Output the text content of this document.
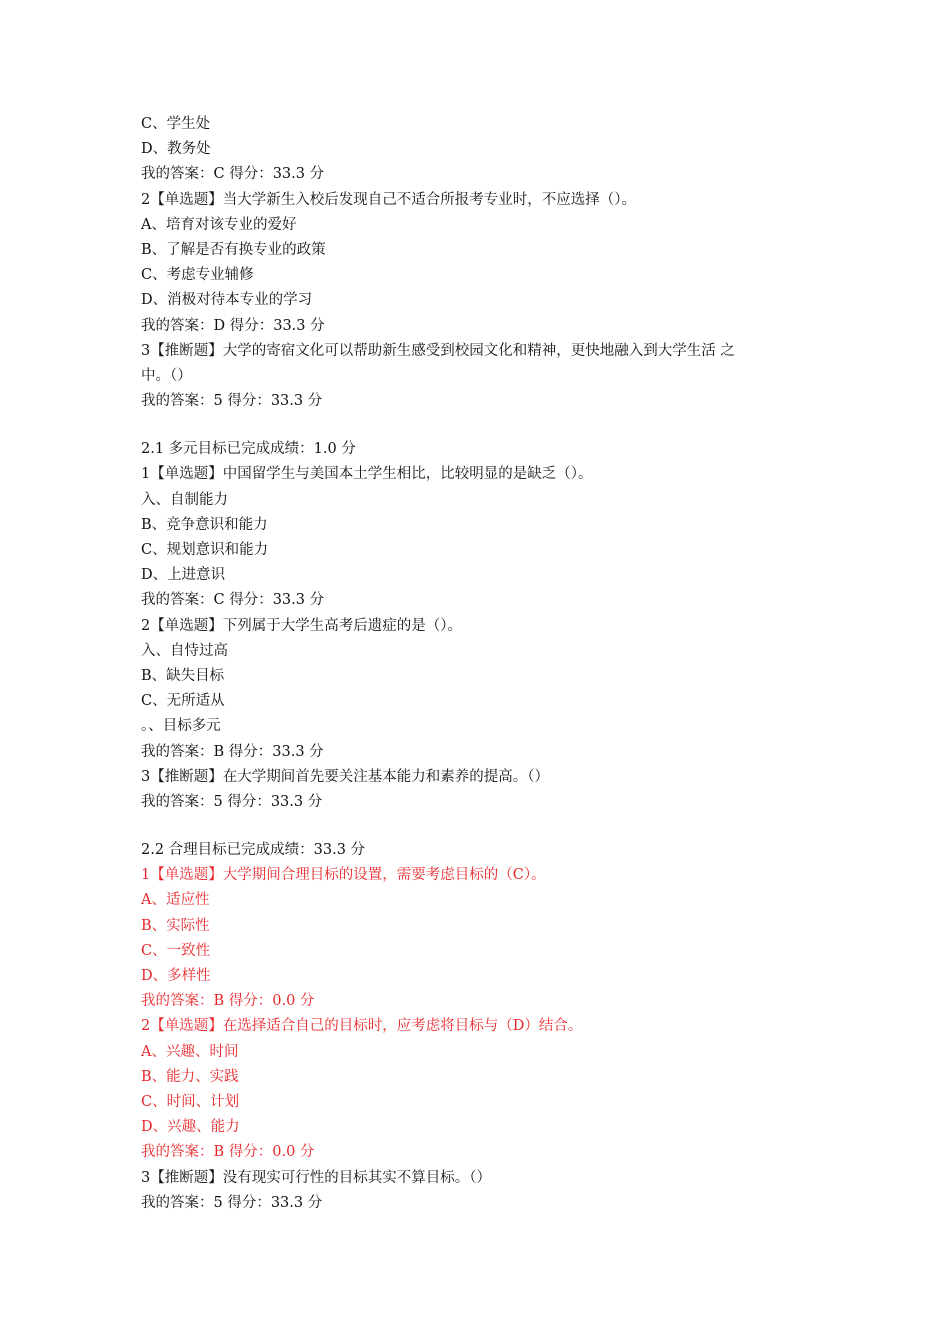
C、学生处
D、教务处
我的答案：C 得分：33.3 分
2【单选题】当大学新生入校后发现自己不适合所报考专业时，不应选择（）。
A、培育对该专业的爱好
B、了解是否有换专业的政策
C、考虑专业辅修
D、消极对待本专业的学习
我的答案：D 得分：33.3 分
3【推断题】大学的寄宿文化可以帮助新生感受到校园文化和精神，更快地融入到大学生活 之
中。（）
我的答案：5 得分：33.3 分
2.1 多元目标已完成成绩：1.0 分
1【单选题】中国留学生与美国本土学生相比，比较明显的是缺乏（）。
入、自制能力
B、竞争意识和能力
C、规划意识和能力
D、上进意识
我的答案：C 得分：33.3 分
2【单选题】下列属于大学生高考后遗症的是（）。
入、自恃过高
B、缺失目标
C、无所适从
。、目标多元
我的答案：B 得分：33.3 分
3【推断题】在大学期间首先要关注基本能力和素养的提高。（）
我的答案：5 得分：33.3 分
2.2 合理目标已完成成绩：33.3 分
1【单选题】大学期间合理目标的设置，需要考虑目标的（C）。
A、适应性
B、实际性
C、一致性
D、多样性
我的答案：B 得分：0.0 分
2【单选题】在选择适合自己的目标时，应考虑将目标与（D）结合。
A、兴趣、时间
B、能力、实践
C、时间、计划
D、兴趣、能力
我的答案：B 得分：0.0 分
3【推断题】没有现实可行性的目标其实不算目标。（）
我的答案：5 得分：33.3 分
